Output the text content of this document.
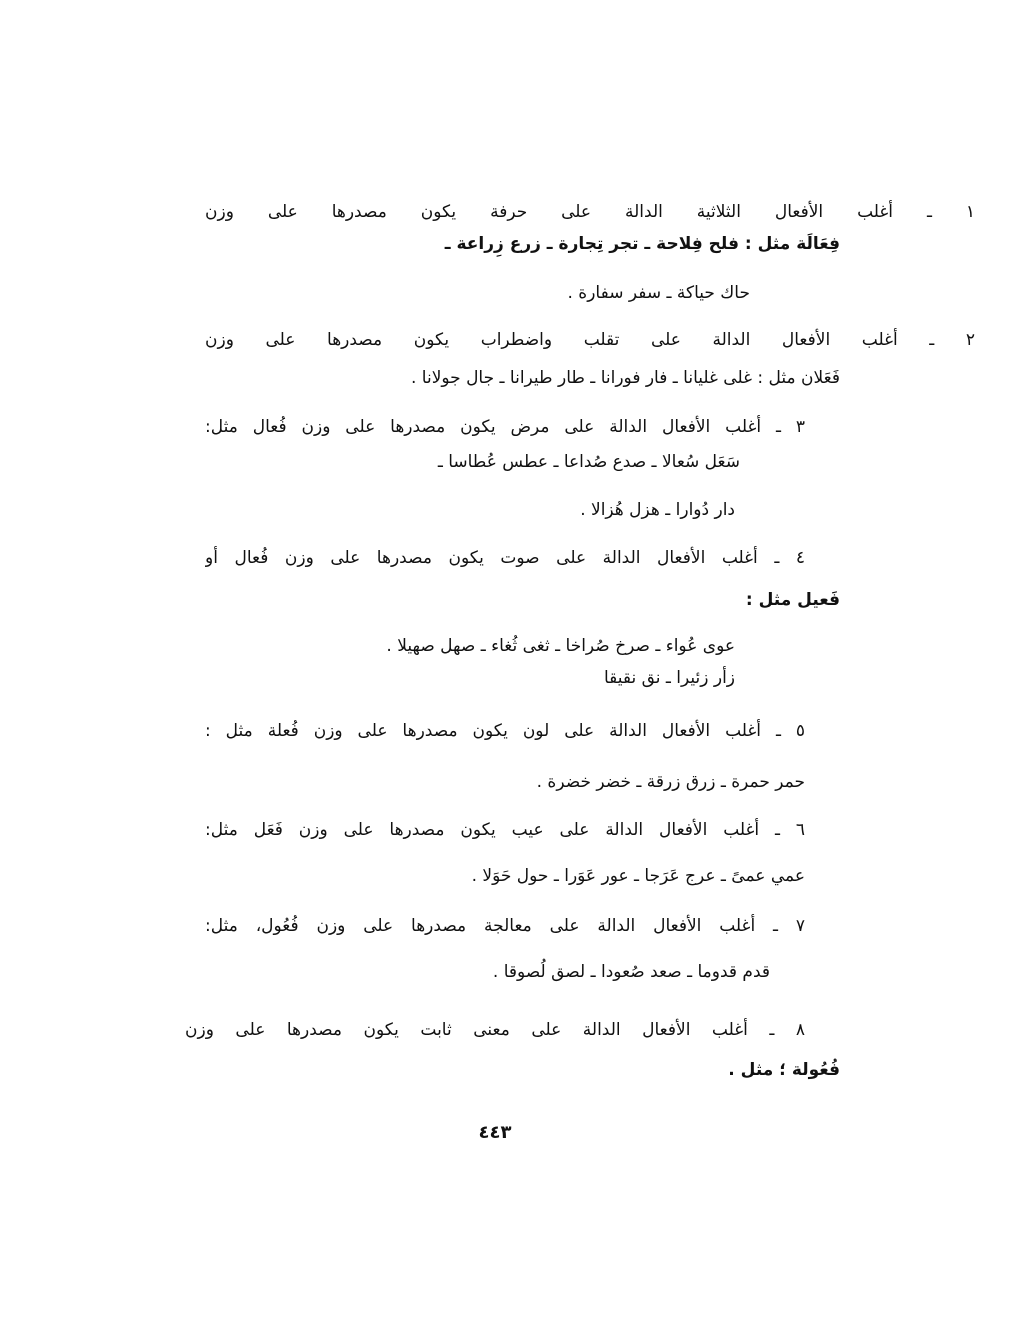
١ ـ أغلب الأفعال الثلاثية الدالة على حرفة يكون مصدرها على وزن
فِعَالَة مثل : فلح فِلاحة ـ تجر تِجارة ـ زرع زِراعة ـ
حاك حياكة ـ سفر سفارة .
٢ ـ أغلب الأفعال الدالة على تقلب واضطراب يكون مصدرها على وزن
فَعَلان مثل : غلى غليانا ـ فار فورانا ـ طار طيرانا ـ جال جولانا .
٣ ـ أغلب الأفعال الدالة على مرض يكون مصدرها على وزن فُعال مثل:
سَعَل سُعالا ـ صدع صُداعا ـ عطس عُطاسا ـ
دار دُوارا ـ هزل هُزالا .
٤ ـ أغلب الأفعال الدالة على صوت يكون مصدرها على وزن فُعال أو
فَعيل مثل :
عوى عُواء ـ صرخ صُراخا ـ ثغى ثُغاء ـ صهل صهيلا .
زأر زئيرا ـ نق نقيقا
٥ ـ أغلب الأفعال الدالة على لون يكون مصدرها على وزن فُعلة مثل :
حمر حمرة ـ زرق زرقة ـ خضر خضرة .
٦ ـ أغلب الأفعال الدالة على عيب يكون مصدرها على وزن فَعَل مثل:
عمي عمىً ـ عرج عَرَجا ـ عور عَوَرا ـ حول حَوَلا .
٧ ـ أغلب الأفعال الدالة على معالجة مصدرها على وزن فُعُول، مثل:
قدم قدوما ـ صعد صُعودا ـ لصق لُصوقا .
٨ ـ أغلب الأفعال الدالة على معنى ثابت يكون مصدرها على وزن
فُعُولة ؛ مثل .
٤٤٣
